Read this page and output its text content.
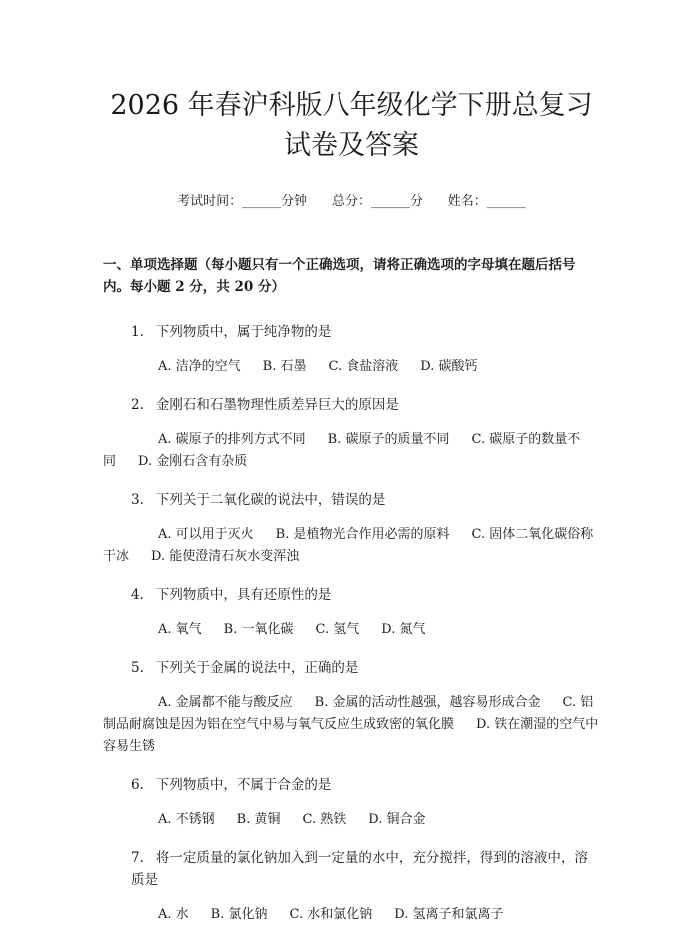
2026 年春沪科版八年级化学下册总复习试卷及答案
考试时间：______分钟 总分：______分 姓名：______
一、单项选择题（每小题只有一个正确选项，请将正确选项的字母填在题后括号内。每小题 2 分，共 20 分）
1. 下列物质中，属于纯净物的是
A. 洁净的空气 B. 石墨 C. 食盐溶液 D. 碳酸钙
2. 金刚石和石墨物理性质差异巨大的原因是
A. 碳原子的排列方式不同 B. 碳原子的质量不同 C. 碳原子的数量不同 D. 金刚石含有杂质
3. 下列关于二氧化碳的说法中，错误的是
A. 可以用于灭火 B. 是植物光合作用必需的原料 C. 固体二氧化碳俗称干冰 D. 能使澄清石灰水变浑浊
4. 下列物质中，具有还原性的是
A. 氧气 B. 一氧化碳 C. 氢气 D. 氮气
5. 下列关于金属的说法中，正确的是
A. 金属都不能与酸反应 B. 金属的活动性越强，越容易形成合金 C. 铝制品耐腐蚀是因为铝在空气中易与氧气反应生成致密的氧化膜 D. 铁在潮湿的空气中容易生锈
6. 下列物质中，不属于合金的是
A. 不锈钢 B. 黄铜 C. 熟铁 D. 铜合金
7. 将一定质量的氯化钠加入到一定量的水中，充分搅拌，得到的溶液中，溶质是
A. 水 B. 氯化钠 C. 水和氯化钠 D. 氢离子和氯离子
